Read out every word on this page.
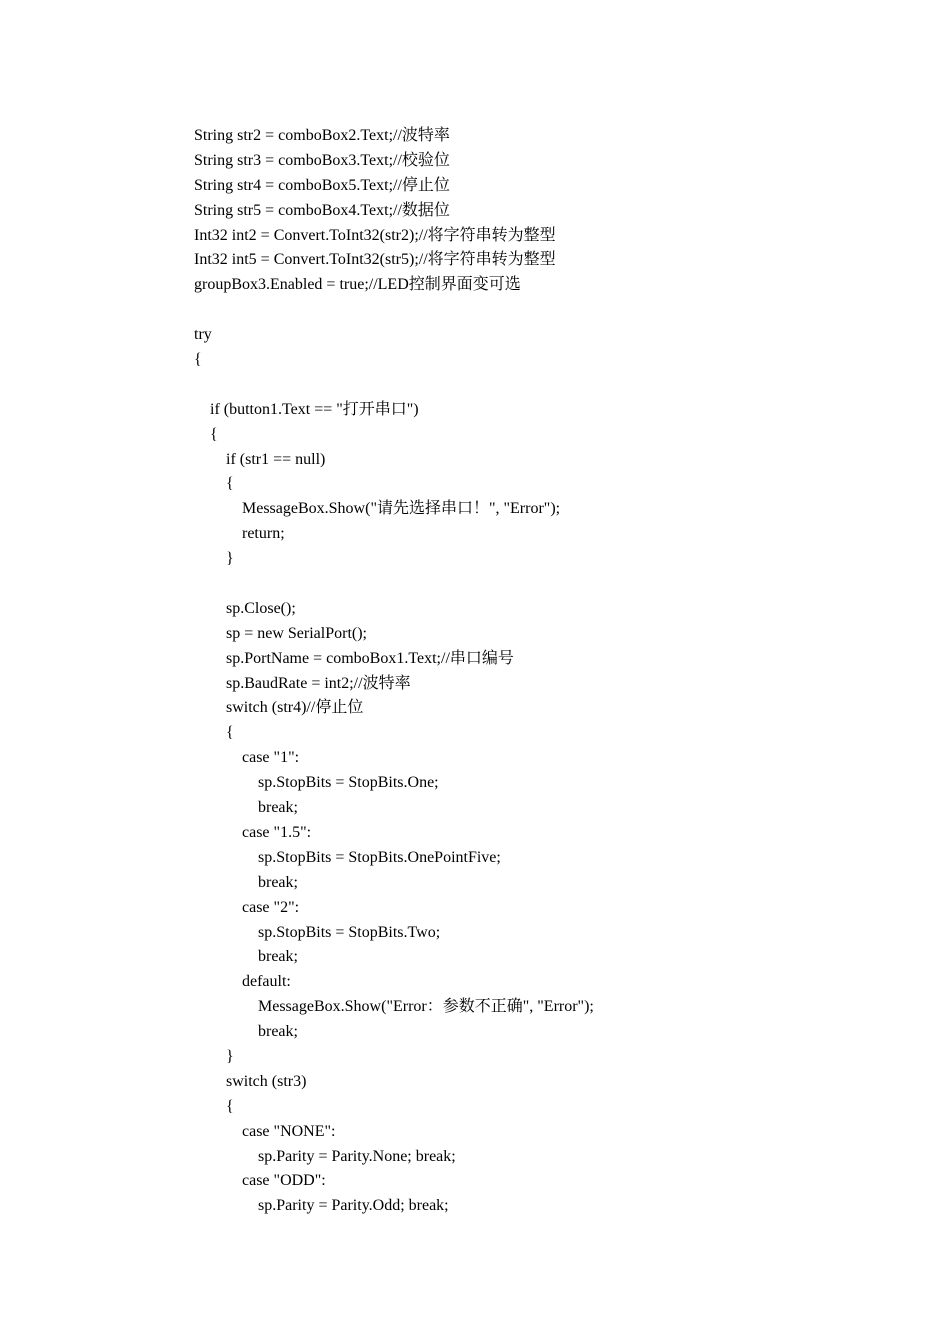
String str2 = comboBox2.Text;//波特率
String str3 = comboBox3.Text;//校验位
String str4 = comboBox5.Text;//停止位
String str5 = comboBox4.Text;//数据位
Int32 int2 = Convert.ToInt32(str2);//将字符串转为整型
Int32 int5 = Convert.ToInt32(str5);//将字符串转为整型
groupBox3.Enabled = true;//LED控制界面变可选
try
{
if (button1.Text == "打开串口")
{
if (str1 == null)
{
MessageBox.Show("请先选择串口！", "Error");
return;
}
sp.Close();
sp = new SerialPort();
sp.PortName = comboBox1.Text;//串口编号
sp.BaudRate = int2;//波特率
switch (str4)//停止位
{
case "1":
sp.StopBits = StopBits.One;
break;
case "1.5":
sp.StopBits = StopBits.OnePointFive;
break;
case "2":
sp.StopBits = StopBits.Two;
break;
default:
MessageBox.Show("Error：参数不正确", "Error");
break;
}
switch (str3)
{
case "NONE":
sp.Parity = Parity.None; break;
case "ODD":
sp.Parity = Parity.Odd; break;
